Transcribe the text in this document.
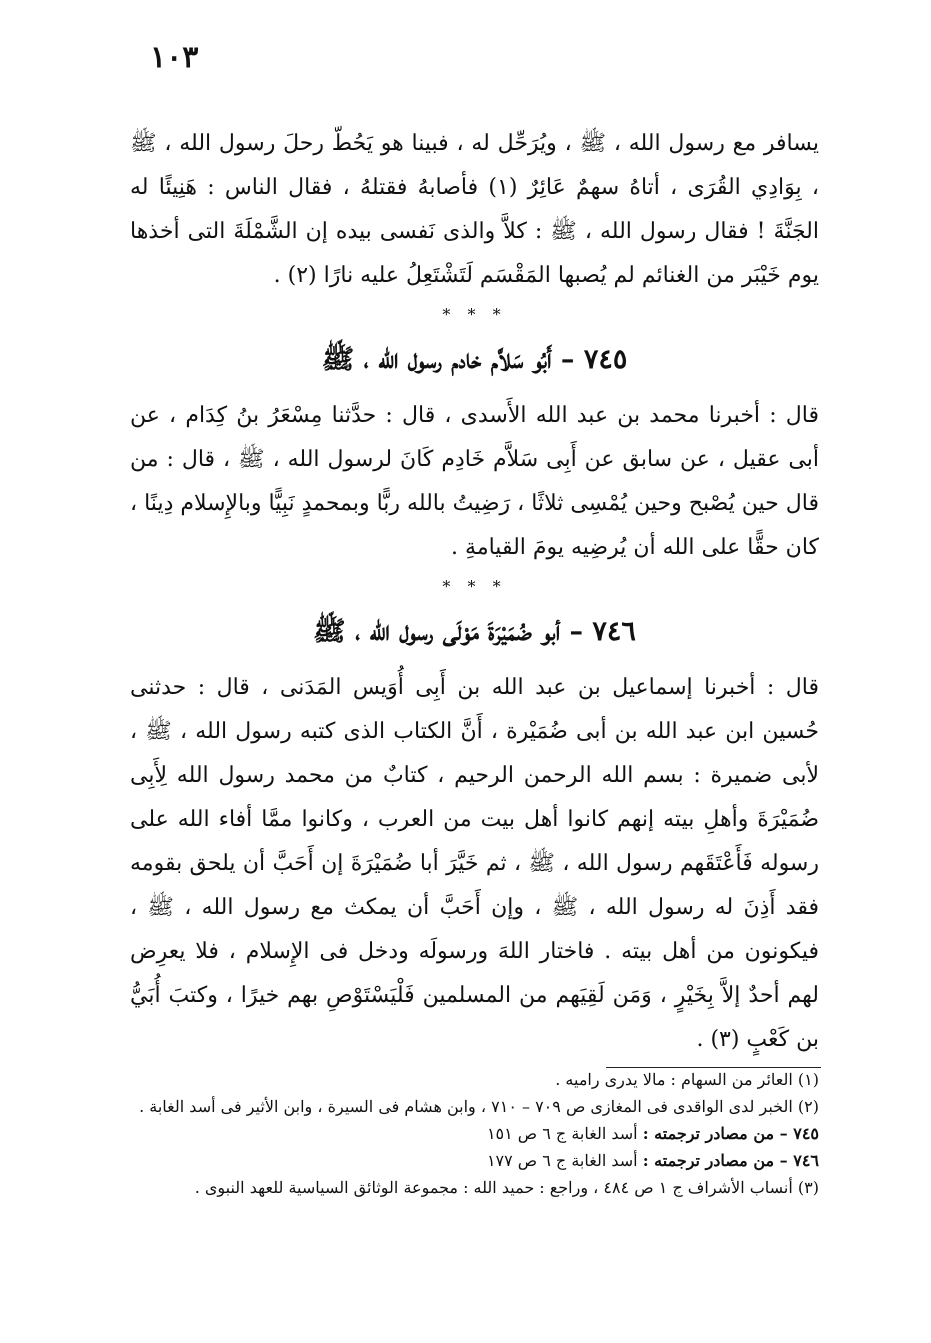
١٠٣

يسافر مع رسول الله ، ﷺ ، ويُرَحِّل له ، فبينا هو يَحُطّ رحلَ رسول الله ، ﷺ ، بِوَادِي القُرَى ، أتاهُ سهمٌ عَائِرٌ (١) فأصابهُ فقتلهُ ، فقال الناس : هَنِيئًا له الجَنَّةَ ! فقال رسول الله ، ﷺ : كلاَّ والذى نَفسى بيده إن الشَّمْلَةَ التى أخذها يوم خَيْبَر من الغنائم لم يُصبها المَقْسَم لَتَشْتَعِلُ عليه نارًا (٢) .

* * *
٧٤٥ – أَبُو سَلاَّم خادم رسول الله ، ﷺ

قال : أخبرنا محمد بن عبد الله الأَسدى ، قال : حدَّثنا مِسْعَرُ بنُ كِدَام ، عن أبى عقيل ، عن سابق عن أَبِى سَلاَّم خَادِم كَانَ لرسول الله ، ﷺ ، قال : من قال حين يُصْبح وحين يُمْسِى ثلاثًا ، رَضِيتُ بالله ربًّا وبمحمدٍ نَبِيًّا وبالإِسلام دِينًا ، كان حقًّا على الله أن يُرضِيه يومَ القيامةِ .

* * *
٧٤٦ – أبو ضُمَيْرَةَ مَوْلَى رسول الله ، ﷺ

قال : أخبرنا إسماعيل بن عبد الله بن أَبِى أُوَيس المَدَنى ، قال : حدثنى حُسين ابن عبد الله بن أبى ضُمَيْرة ، أَنَّ الكتاب الذى كتبه رسول الله ، ﷺ ، لأبى ضميرة : بسم الله الرحمن الرحيم ، كتابٌ من محمد رسول الله لِأَبِى ضُمَيْرَةَ وأهلِ بيته إنهم كانوا أهل بيت من العرب ، وكانوا ممَّا أفاء الله على رسوله فَأَعْتَقَهم رسول الله ، ﷺ ، ثم خَيَّرَ أبا ضُمَيْرَةَ إن أَحَبَّ أن يلحق بقومه فقد أَذِنَ له رسول الله ، ﷺ ، وإن أَحَبَّ أن يمكث مع رسول الله ، ﷺ ، فيكونون من أهل بيته . فاختار اللهَ ورسولَه ودخل فى الإِسلام ، فلا يعرِض لهم أحدٌ إلاَّ بِخَيْرٍ ، وَمَن لَقِيَهم من المسلمين فَلْيَسْتَوْصِ بهم خيرًا ، وكتبَ أُبَيُّ بن كَعْبٍ (٣) .

(١) العائر من السهام : مالا يدرى راميه .

(٢) الخبر لدى الواقدى فى المغازى ص ٧٠٩ – ٧١٠ ، وابن هشام فى السيرة ، وابن الأثير فى أسد الغابة .

٧٤٥ – من مصادر ترجمته : أسد الغابة ج ٦ ص ١٥١

٧٤٦ – من مصادر ترجمته : أسد الغابة ج ٦ ص ١٧٧

(٣) أنساب الأشراف ج ١ ص ٤٨٤ ، وراجع : حميد الله : مجموعة الوثائق السياسية للعهد النبوى .
